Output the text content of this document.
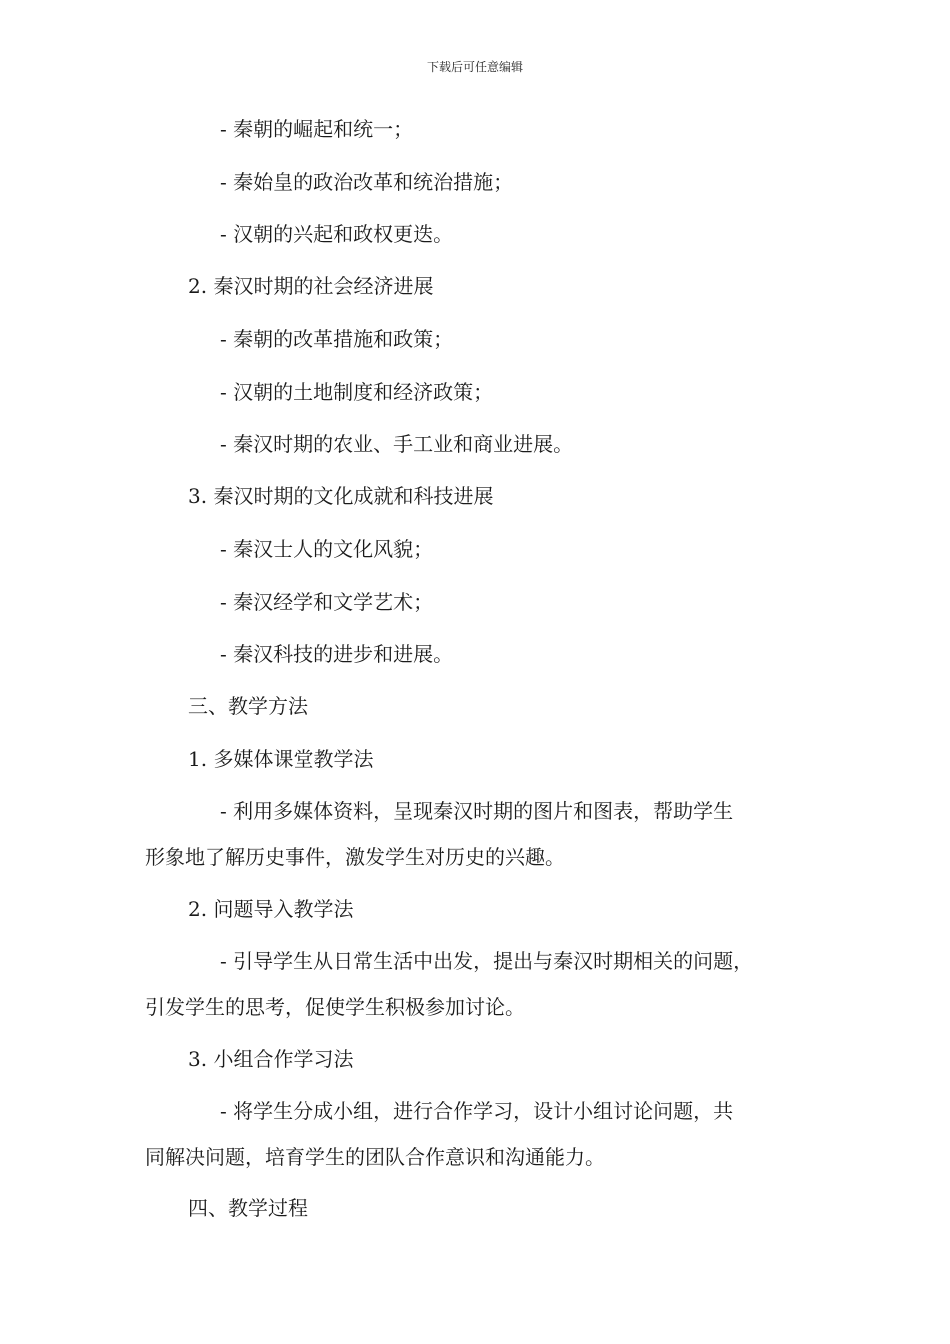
下载后可任意编辑
- 秦朝的崛起和统一；
- 秦始皇的政治改革和统治措施；
- 汉朝的兴起和政权更迭。
2. 秦汉时期的社会经济进展
- 秦朝的改革措施和政策；
- 汉朝的土地制度和经济政策；
- 秦汉时期的农业、手工业和商业进展。
3. 秦汉时期的文化成就和科技进展
- 秦汉士人的文化风貌；
- 秦汉经学和文学艺术；
- 秦汉科技的进步和进展。
三、教学方法
1. 多媒体课堂教学法
- 利用多媒体资料，呈现秦汉时期的图片和图表，帮助学生
形象地了解历史事件，激发学生对历史的兴趣。
2. 问题导入教学法
- 引导学生从日常生活中出发，提出与秦汉时期相关的问题，
引发学生的思考，促使学生积极参加讨论。
3. 小组合作学习法
- 将学生分成小组，进行合作学习，设计小组讨论问题，共
同解决问题，培育学生的团队合作意识和沟通能力。
四、教学过程
